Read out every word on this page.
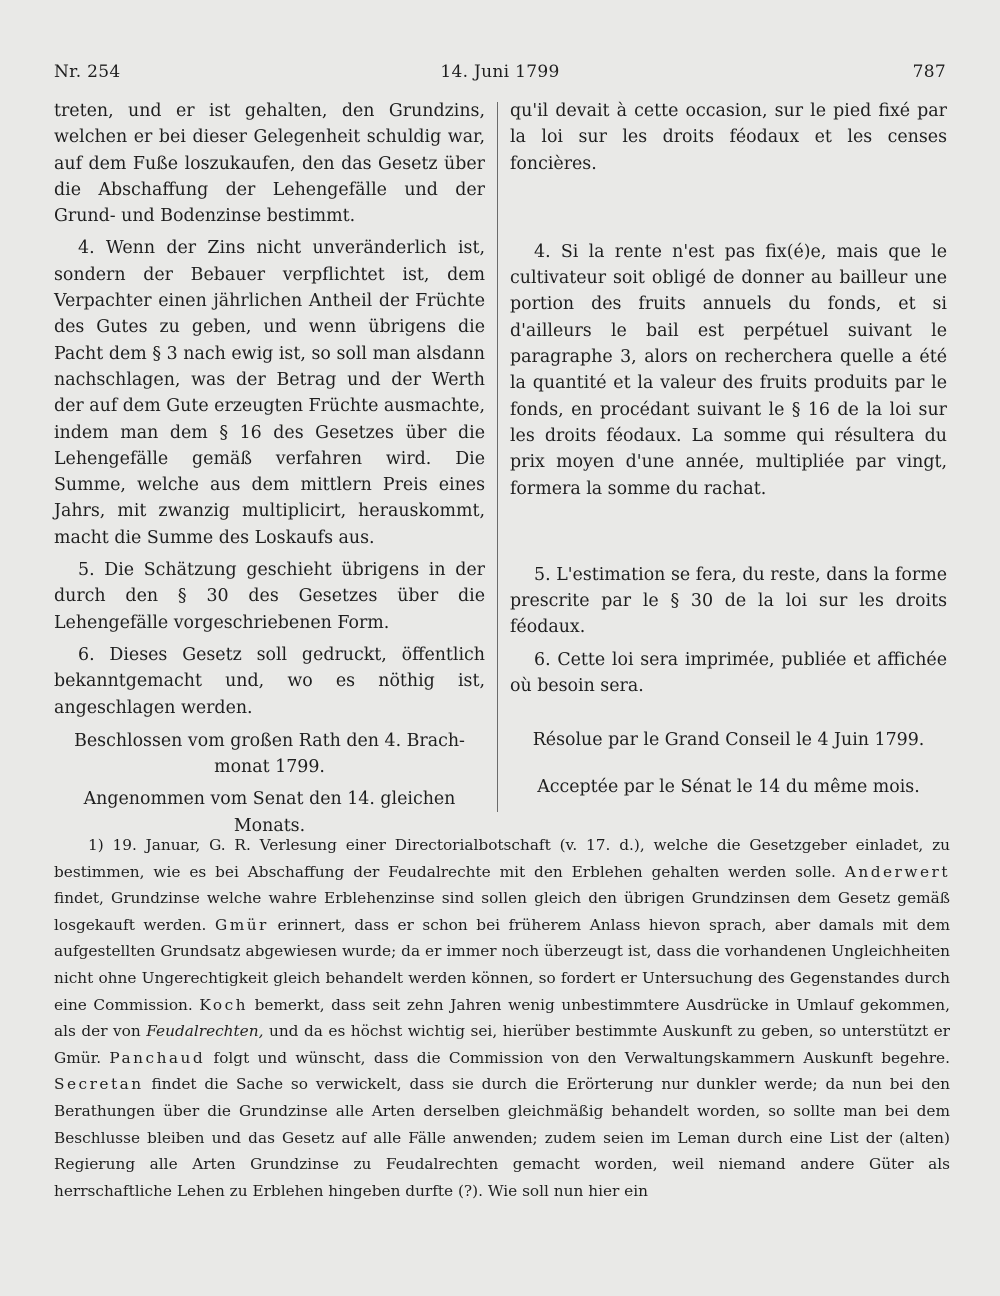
Nr. 254	14. Juni 1799	787

treten, und er ist gehalten, den Grundzins, welchen er bei dieser Gelegenheit schuldig war, auf dem Fuße loszukaufen, den das Gesetz über die Abschaffung der Lehengefälle und der Grund- und Bodenzinse bestimmt.

4. Wenn der Zins nicht unveränderlich ist, sondern der Bebauer verpflichtet ist, dem Verpachter einen jährlichen Antheil der Früchte des Gutes zu geben, und wenn übrigens die Pacht dem § 3 nach ewig ist, so soll man alsdann nachschlagen, was der Betrag und der Werth der auf dem Gute erzeugten Früchte ausmachte, indem man dem § 16 des Gesetzes über die Lehengefälle gemäß verfahren wird. Die Summe, welche aus dem mittlern Preis eines Jahrs, mit zwanzig multiplicirt, herauskommt, macht die Summe des Loskaufs aus.

5. Die Schätzung geschieht übrigens in der durch den § 30 des Gesetzes über die Lehengefälle vorgeschriebenen Form.

6. Dieses Gesetz soll gedruckt, öffentlich bekanntgemacht und, wo es nöthig ist, angeschlagen werden.

Beschlossen vom großen Rath den 4. Brach-
monat 1799.
Angenommen vom Senat den 14. gleichen Monats.

qu'il devait à cette occasion, sur le pied fixé par la loi sur les droits féodaux et les censes foncières.

4. Si la rente n'est pas fix(é)e, mais que le cultivateur soit obligé de donner au bailleur une portion des fruits annuels du fonds, et si d'ailleurs le bail est perpétuel suivant le paragraphe 3, alors on recherchera quelle a été la quantité et la valeur des fruits produits par le fonds, en procédant suivant le § 16 de la loi sur les droits féodaux. La somme qui résultera du prix moyen d'une année, multipliée par vingt, formera la somme du rachat.

5. L'estimation se fera, du reste, dans la forme prescrite par le § 30 de la loi sur les droits féodaux.

6. Cette loi sera imprimée, publiée et affichée où besoin sera.

Résolue par le Grand Conseil le 4 Juin 1799.
Acceptée par le Sénat le 14 du même mois.

1) 19. Januar, G. R. Verlesung einer Directorialbotschaft (v. 17. d.), welche die Gesetzgeber einladet, zu bestimmen, wie es bei Abschaffung der Feudalrechte mit den Erblehen gehalten werden solle. Anderwert findet, Grundzinse welche wahre Erblehenzinse sind sollen gleich den übrigen Grundzinsen dem Gesetz gemäß losgekauft werden. Gmür erinnert, dass er schon bei früherem Anlass hievon sprach, aber damals mit dem aufgestellten Grundsatz abgewiesen wurde; da er immer noch überzeugt ist, dass die vorhandenen Ungleichheiten nicht ohne Ungerechtigkeit gleich behandelt werden können, so fordert er Untersuchung des Gegenstandes durch eine Commission. Koch bemerkt, dass seit zehn Jahren wenig unbestimmtere Ausdrücke in Umlauf gekommen, als der von Feudalrechten, und da es höchst wichtig sei, hierüber bestimmte Auskunft zu geben, so unterstützt er Gmür. Panchaud folgt und wünscht, dass die Commission von den Verwaltungskammern Auskunft begehre. Secretan findet die Sache so verwickelt, dass sie durch die Erörterung nur dunkler werde; da nun bei den Berathungen über die Grundzinse alle Arten derselben gleichmäßig behandelt worden, so sollte man bei dem Beschlusse bleiben und das Gesetz auf alle Fälle anwenden; zudem seien im Leman durch eine List der (alten) Regierung alle Arten Grundzinse zu Feudalrechten gemacht worden, weil niemand andere Güter als herrschaftliche Lehen zu Erblehen hingeben durfte (?). Wie soll nun hier ein
